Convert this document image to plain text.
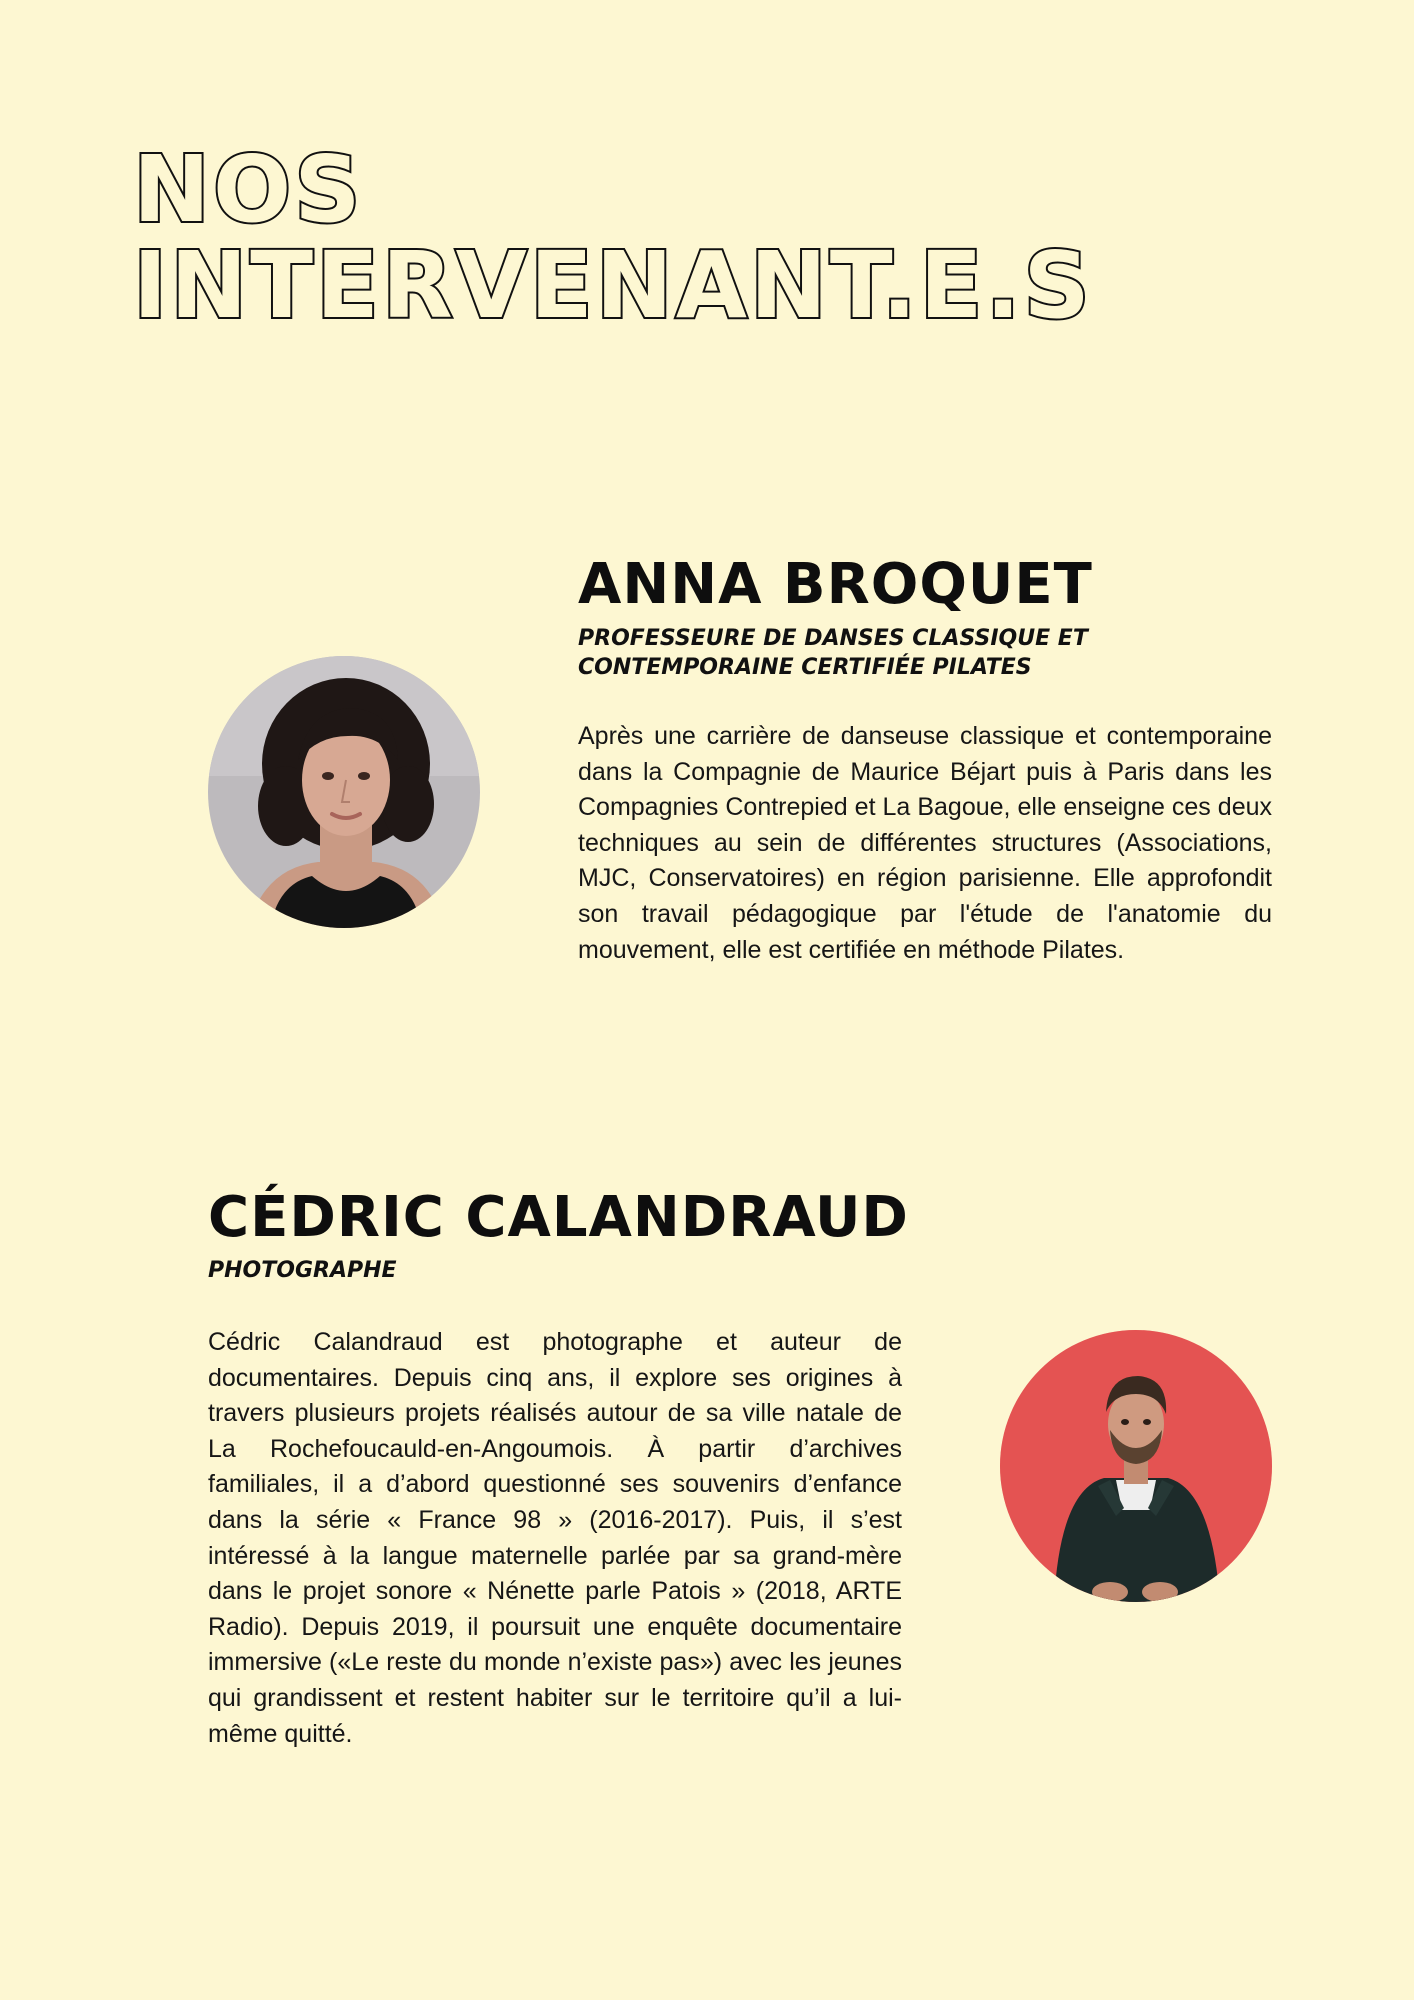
NOS
INTERVENANT.E.S
ANNA BROQUET

PROFESSEURE DE DANSES CLASSIQUE ET
CONTEMPORAINE CERTIFIÉE PILATES

Après une carrière de danseuse classique et contemporaine dans la Compagnie de Maurice Béjart puis à Paris dans les Compagnies Contrepied et La Bagoue, elle enseigne ces deux techniques au sein de différentes structures (Associations, MJC, Conservatoires) en région parisienne. Elle approfondit son travail pédagogique par l'étude de l'anatomie du mouvement, elle est certifiée en méthode Pilates.

CÉDRIC CALANDRAUD

PHOTOGRAPHE

Cédric Calandraud est photographe et auteur de documentaires. Depuis cinq ans, il explore ses origines à travers plusieurs projets réalisés autour de sa ville natale de La Rochefoucauld-en-Angoumois. À partir d’archives familiales, il a d’abord questionné ses souvenirs d’enfance dans la série « France 98 » (2016-2017). Puis, il s’est intéressé à la langue maternelle parlée par sa grand-mère dans le projet sonore « Nénette parle Patois » (2018, ARTE Radio). Depuis 2019, il poursuit une enquête documentaire immersive («Le reste du monde n’existe pas») avec les jeunes qui grandissent et restent habiter sur le territoire qu’il a lui-même quitté.
